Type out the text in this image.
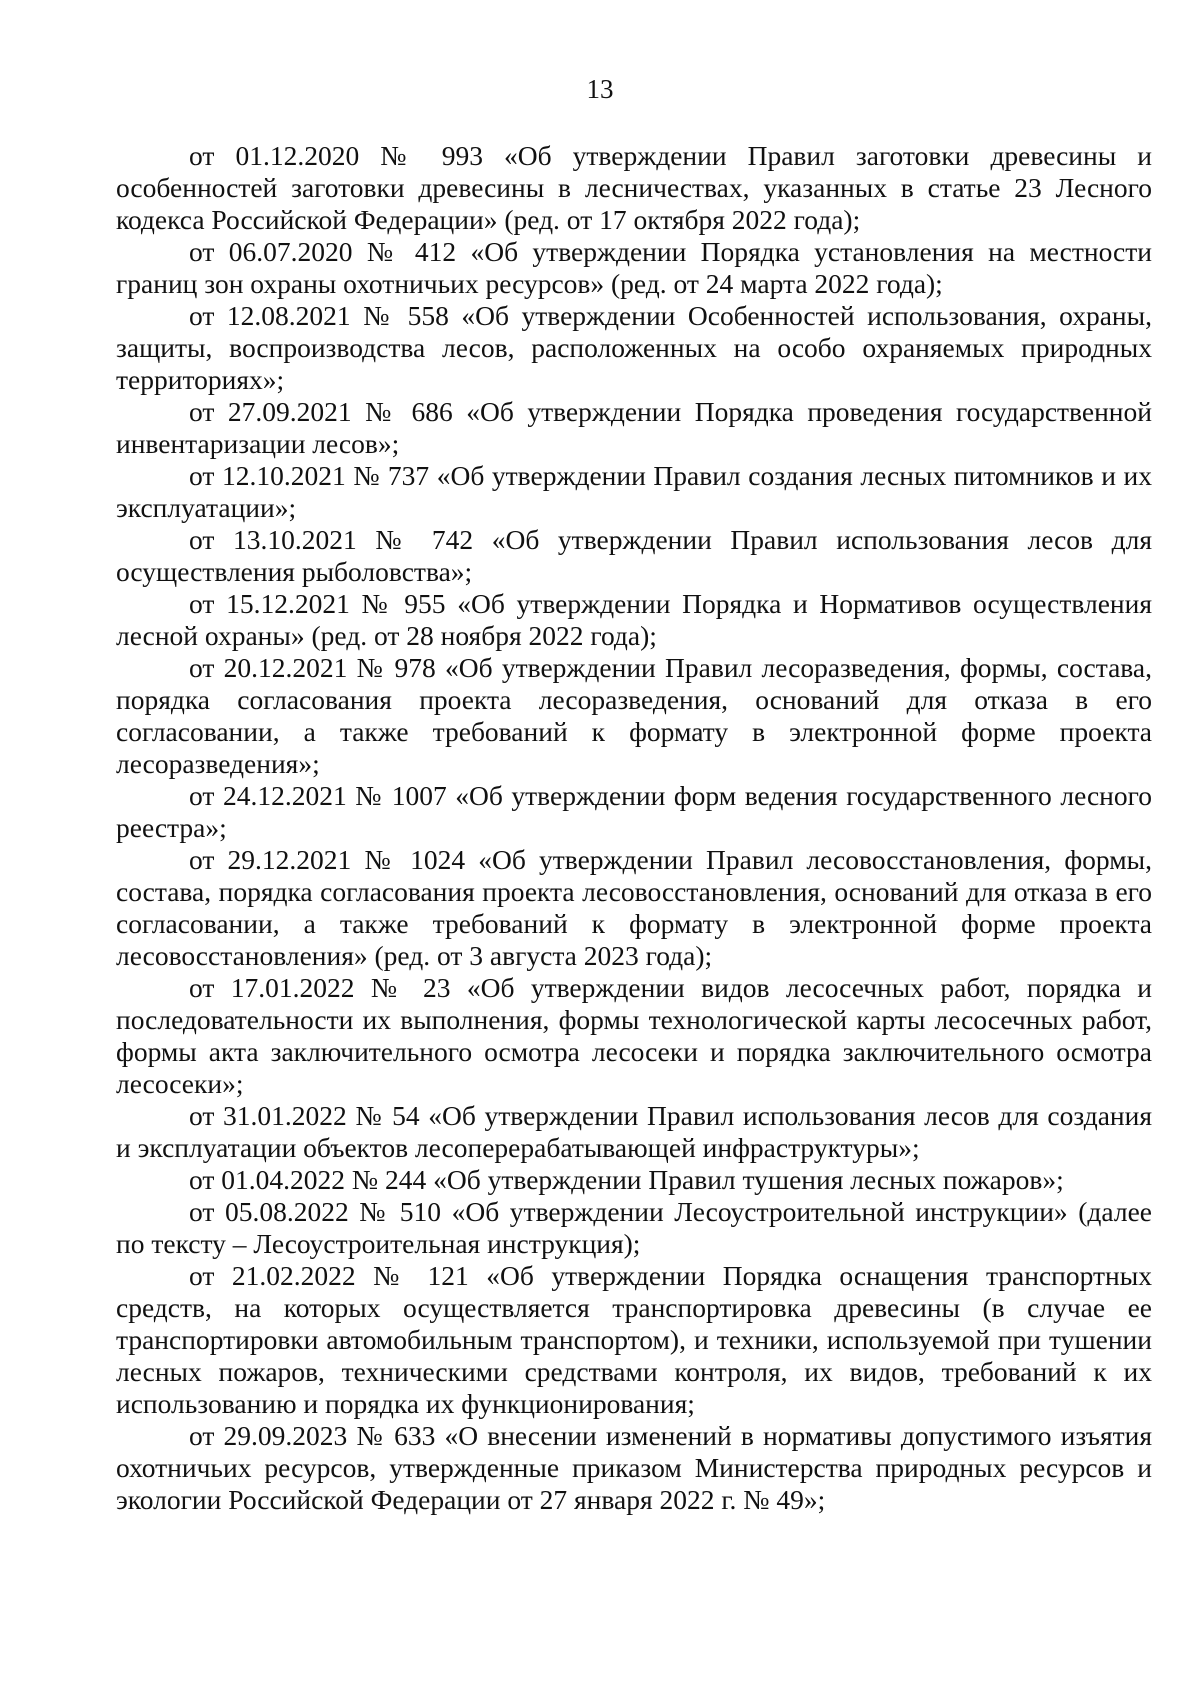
13

от 01.12.2020 № 993 «Об утверждении Правил заготовки древесины и особенностей заготовки древесины в лесничествах, указанных в статье 23 Лесного кодекса Российской Федерации» (ред. от 17 октября 2022 года);

от 06.07.2020 № 412 «Об утверждении Порядка установления на местности границ зон охраны охотничьих ресурсов» (ред. от 24 марта 2022 года);

от 12.08.2021 № 558 «Об утверждении Особенностей использования, охраны, защиты, воспроизводства лесов, расположенных на особо охраняемых природных территориях»;

от 27.09.2021 № 686 «Об утверждении Порядка проведения государственной инвентаризации лесов»;

от 12.10.2021 № 737 «Об утверждении Правил создания лесных питомников и их эксплуатации»;

от 13.10.2021 № 742 «Об утверждении Правил использования лесов для осуществления рыболовства»;

от 15.12.2021 № 955 «Об утверждении Порядка и Нормативов осуществления лесной охраны» (ред. от 28 ноября 2022 года);

от 20.12.2021 № 978 «Об утверждении Правил лесоразведения, формы, состава, порядка согласования проекта лесоразведения, оснований для отказа в его согласовании, а также требований к формату в электронной форме проекта лесоразведения»;

от 24.12.2021 № 1007 «Об утверждении форм ведения государственного лесного реестра»;

от 29.12.2021 № 1024 «Об утверждении Правил лесовосстановления, формы, состава, порядка согласования проекта лесовосстановления, оснований для отказа в его согласовании, а также требований к формату в электронной форме проекта лесовосстановления» (ред. от 3 августа 2023 года);

от 17.01.2022 № 23 «Об утверждении видов лесосечных работ, порядка и последовательности их выполнения, формы технологической карты лесосечных работ, формы акта заключительного осмотра лесосеки и порядка заключительного осмотра лесосеки»;

от 31.01.2022 № 54 «Об утверждении Правил использования лесов для создания и эксплуатации объектов лесоперерабатывающей инфраструктуры»;

от 01.04.2022 № 244 «Об утверждении Правил тушения лесных пожаров»;

от 05.08.2022 № 510 «Об утверждении Лесоустроительной инструкции» (далее по тексту – Лесоустроительная инструкция);

от 21.02.2022 № 121 «Об утверждении Порядка оснащения транспортных средств, на которых осуществляется транспортировка древесины (в случае ее транспортировки автомобильным транспортом), и техники, используемой при тушении лесных пожаров, техническими средствами контроля, их видов, требований к их использованию и порядка их функционирования;

от 29.09.2023 № 633 «О внесении изменений в нормативы допустимого изъятия охотничьих ресурсов, утвержденные приказом Министерства природных ресурсов и экологии Российской Федерации от 27 января 2022 г. № 49»;
